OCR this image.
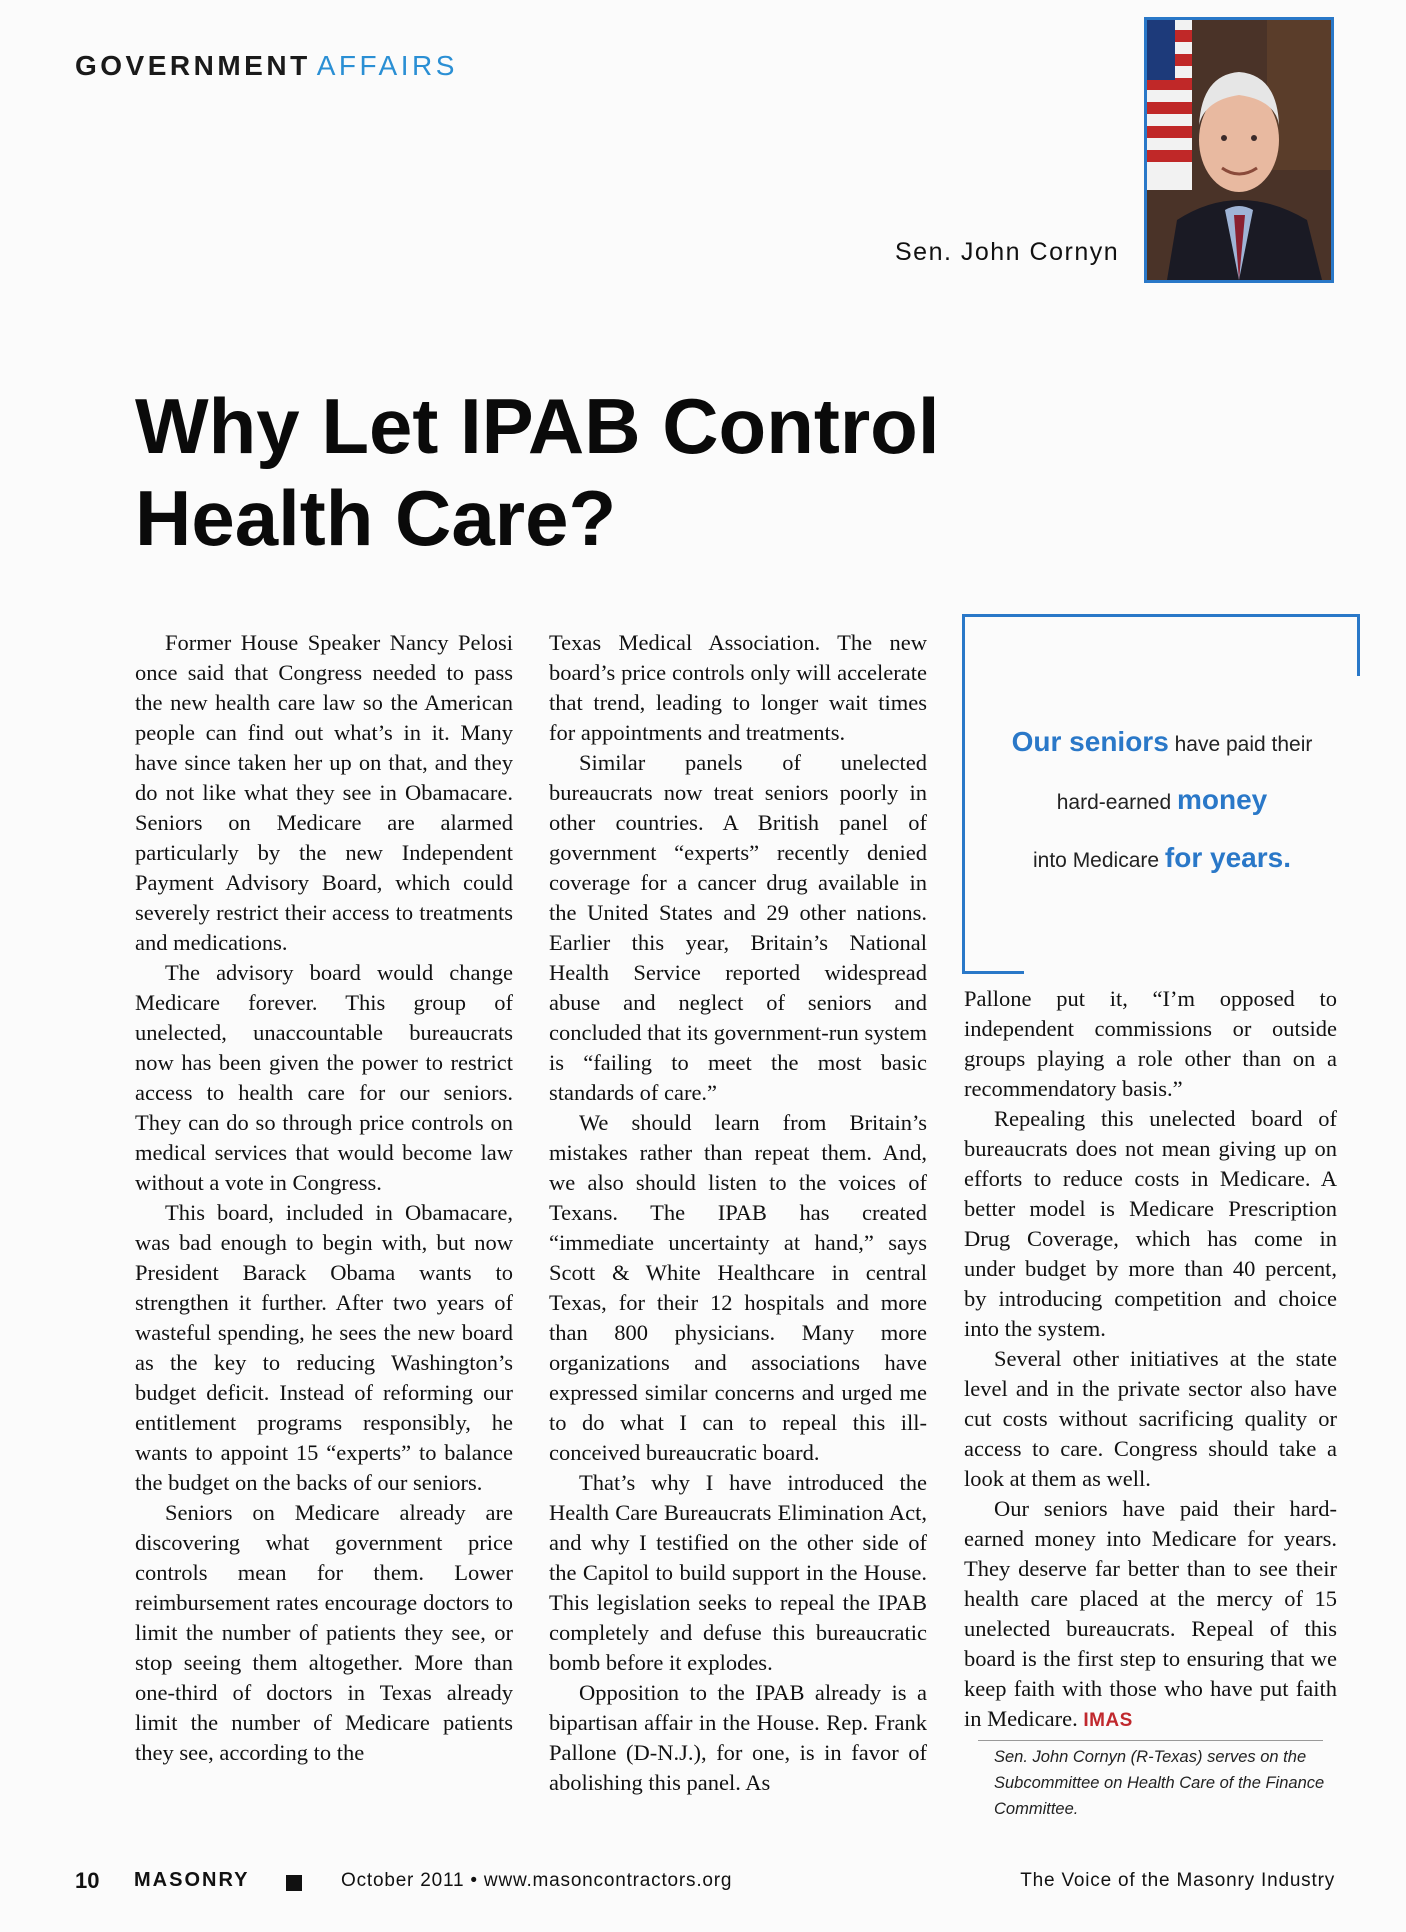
GOVERNMENT AFFAIRS
Sen. John Cornyn
Why Let IPAB Control
Health Care?

Former House Speaker Nancy Pelosi once said that Congress needed to pass the new health care law so the American people can find out what’s in it. Many have since taken her up on that, and they do not like what they see in Obamacare. Seniors on Medicare are alarmed particularly by the new Independent Payment Advisory Board, which could severely restrict their access to treatments and medications.

The advisory board would change Medicare forever. This group of unelected, unaccountable bureaucrats now has been given the power to restrict access to health care for our seniors. They can do so through price controls on medical services that would become law without a vote in Congress.

This board, included in Obamacare, was bad enough to begin with, but now President Barack Obama wants to strengthen it further. After two years of wasteful spending, he sees the new board as the key to reducing Washington’s budget deficit. Instead of reforming our entitlement programs responsibly, he wants to appoint 15 “experts” to balance the budget on the backs of our seniors.

Seniors on Medicare already are discovering what government price controls mean for them. Lower reimbursement rates encourage doctors to limit the number of patients they see, or stop seeing them altogether. More than one-third of doctors in Texas already limit the number of Medicare patients they see, according to the

Texas Medical Association. The new board’s price controls only will accelerate that trend, leading to longer wait times for appointments and treatments.

Similar panels of unelected bureaucrats now treat seniors poorly in other countries. A British panel of government “experts” recently denied coverage for a cancer drug available in the United States and 29 other nations. Earlier this year, Britain’s National Health Service reported widespread abuse and neglect of seniors and concluded that its government-run system is “failing to meet the most basic standards of care.”

We should learn from Britain’s mistakes rather than repeat them. And, we also should listen to the voices of Texans. The IPAB has created “immediate uncertainty at hand,” says Scott & White Healthcare in central Texas, for their 12 hospitals and more than 800 physicians. Many more organizations and associations have expressed similar concerns and urged me to do what I can to repeal this ill-conceived bureaucratic board.

That’s why I have introduced the Health Care Bureaucrats Elimination Act, and why I testified on the other side of the Capitol to build support in the House. This legislation seeks to repeal the IPAB completely and defuse this bureaucratic bomb before it explodes.

Opposition to the IPAB already is a bipartisan affair in the House. Rep. Frank Pallone (D-N.J.), for one, is in favor of abolishing this panel. As

Our seniors have paid their
hard-earned money
into Medicare for years.

Pallone put it, “I’m opposed to independent commissions or outside groups playing a role other than on a recommendatory basis.”

Repealing this unelected board of bureaucrats does not mean giving up on efforts to reduce costs in Medicare. A better model is Medicare Prescription Drug Coverage, which has come in under budget by more than 40 percent, by introducing competition and choice into the system.

Several other initiatives at the state level and in the private sector also have cut costs without sacrificing quality or access to care. Congress should take a look at them as well.

Our seniors have paid their hard-earned money into Medicare for years. They deserve far better than to see their health care placed at the mercy of 15 unelected bureaucrats. Repeal of this board is the first step to ensuring that we keep faith with those who have put faith in Medicare. IMAS

Sen. John Cornyn (R-Texas) serves on the Subcommittee on Health Care of the Finance Committee.
10 MASONRY	October 2011 • www.masoncontractors.org	The Voice of the Masonry Industry
